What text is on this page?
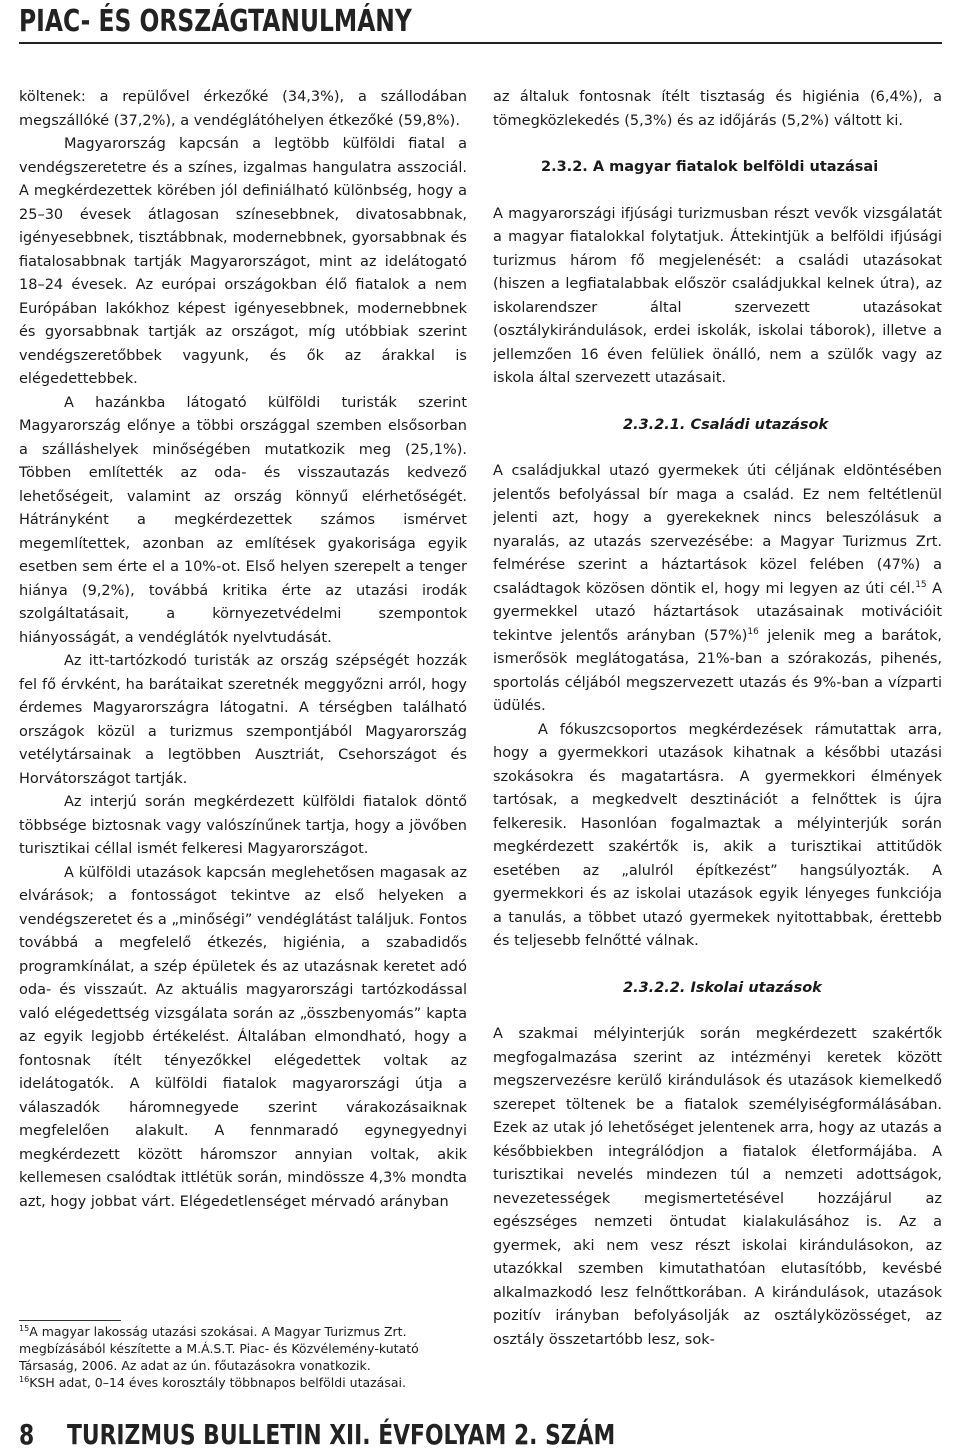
PIAC- ÉS ORSZÁGTANULMÁNY

költenek: a repülővel érkezőké (34,3%), a szállodában megszállóké (37,2%), a vendéglátóhelyen étkezőké (59,8%).

Magyarország kapcsán a legtöbb külföldi fiatal a vendégszeretetre és a színes, izgalmas hangulatra asszociál. A megkérdezettek körében jól definiálható különbség, hogy a 25–30 évesek átlagosan színesebbnek, divatosabbnak, igényesebbnek, tisztábbnak, modernebbnek, gyorsabbnak és fiatalosabbnak tartják Magyarországot, mint az idelátogató 18–24 évesek. Az európai országokban élő fiatalok a nem Európában lakókhoz képest igényesebbnek, modernebbnek és gyorsabbnak tartják az országot, míg utóbbiak szerint vendégszeretőbbek vagyunk, és ők az árakkal is elégedettebbek.

A hazánkba látogató külföldi turisták szerint Magyarország előnye a többi országgal szemben elsősorban a szálláshelyek minőségében mutatkozik meg (25,1%). Többen említették az oda- és visszautazás kedvező lehetőségeit, valamint az ország könnyű elérhetőségét. Hátrányként a megkérdezettek számos ismérvet megemlítettek, azonban az említések gyakorisága egyik esetben sem érte el a 10%-ot. Első helyen szerepelt a tenger hiánya (9,2%), továbbá kritika érte az utazási irodák szolgáltatásait, a környezetvédelmi szempontok hiányosságát, a vendéglátók nyelvtudását.

Az itt-tartózkodó turisták az ország szépségét hozzák fel fő érvként, ha barátaikat szeretnék meggyőzni arról, hogy érdemes Magyarországra látogatni. A térségben található országok közül a turizmus szempontjából Magyarország vetélytársainak a legtöbben Ausztriát, Csehországot és Horvátországot tartják.

Az interjú során megkérdezett külföldi fiatalok döntő többsége biztosnak vagy valószínűnek tartja, hogy a jövőben turisztikai céllal ismét felkeresi Magyarországot.

A külföldi utazások kapcsán meglehetősen magasak az elvárások; a fontosságot tekintve az első helyeken a vendégszeretet és a „minőségi” vendéglátást találjuk. Fontos továbbá a megfelelő étkezés, higiénia, a szabadidős programkínálat, a szép épületek és az utazásnak keretet adó oda- és visszaút. Az aktuális magyarországi tartózkodással való elégedettség vizsgálata során az „összbenyomás” kapta az egyik legjobb értékelést. Általában elmondható, hogy a fontosnak ítélt tényezőkkel elégedettek voltak az idelátogatók. A külföldi fiatalok magyarországi útja a válaszadók háromnegyede szerint várakozásaiknak megfelelően alakult. A fennmaradó egynegyednyi megkérdezett között háromszor annyian voltak, akik kellemesen csalódtak ittlétük során, mindössze 4,3% mondta azt, hogy jobbat várt. Elégedetlenséget mérvadó arányban

$^{15}$A magyar lakosság utazási szokásai. A Magyar Turizmus Zrt. megbízásából készítette a M.Á.S.T. Piac- és Közvélemény-kutató Társaság, 2006. Az adat az ún. főutazásokra vonatkozik.

$^{16}$KSH adat, 0–14 éves korosztály többnapos belföldi utazásai.

az általuk fontosnak ítélt tisztaság és higiénia (6,4%), a tömegközlekedés (5,3%) és az időjárás (5,2%) váltott ki.

2.3.2. A magyar fiatalok belföldi utazásai

A magyarországi ifjúsági turizmusban részt vevők vizsgálatát a magyar fiatalokkal folytatjuk. Áttekintjük a belföldi ifjúsági turizmus három fő megjelenését: a családi utazásokat (hiszen a legfiatalabbak először családjukkal kelnek útra), az iskolarendszer által szervezett utazásokat (osztálykirándulások, erdei iskolák, iskolai táborok), illetve a jellemzően 16 éven felüliek önálló, nem a szülők vagy az iskola által szervezett utazásait.

2.3.2.1. Családi utazások

A családjukkal utazó gyermekek úti céljának eldöntésében jelentős befolyással bír maga a család. Ez nem feltétlenül jelenti azt, hogy a gyerekeknek nincs beleszólásuk a nyaralás, az utazás szervezésébe: a Magyar Turizmus Zrt. felmérése szerint a háztartások közel felében (47%) a családtagok közösen döntik el, hogy mi legyen az úti cél.$^{15}$ A gyermekkel utazó háztartások utazásainak motivációit tekintve jelentős arányban $(57\%)^{16}$ jelenik meg a barátok, ismerősök meglátogatása, 21%-ban a szórakozás, pihenés, sportolás céljából megszervezett utazás és 9%-ban a vízparti üdülés.

A fókuszcsoportos megkérdezések rámutattak arra, hogy a gyermekkori utazások kihatnak a későbbi utazási szokásokra és magatartásra. A gyermekkori élmények tartósak, a megkedvelt desztinációt a felnőttek is újra felkeresik. Hasonlóan fogalmaztak a mélyinterjúk során megkérdezett szakértők is, akik a turisztikai attitűdök esetében az „alulról építkezést” hangsúlyozták. A gyermekkori és az iskolai utazások egyik lényeges funkciója a tanulás, a többet utazó gyermekek nyitottabbak, érettebb és teljesebb felnőtté válnak.

2.3.2.2. Iskolai utazások

A szakmai mélyinterjúk során megkérdezett szakértők megfogalmazása szerint az intézményi keretek között megszervezésre kerülő kirándulások és utazások kiemelkedő szerepet töltenek be a fiatalok személyiségformálásában. Ezek az utak jó lehetőséget jelentenek arra, hogy az utazás a későbbiekben integrálódjon a fiatalok életformájába. A turisztikai nevelés mindezen túl a nemzeti adottságok, nevezetességek megismertetésével hozzájárul az egészséges nemzeti öntudat kialakulásához is. Az a gyermek, aki nem vesz részt iskolai kirándulásokon, az utazókkal szemben kimutathatóan elutasítóbb, kevésbé alkalmazkodó lesz felnőttkorában. A kirándulások, utazások pozitív irányban befolyásolják az osztályközösséget, az osztály összetartóbb lesz, sok-

8 TURIZMUS BULLETIN XII. ÉVFOLYAM 2. SZÁM
